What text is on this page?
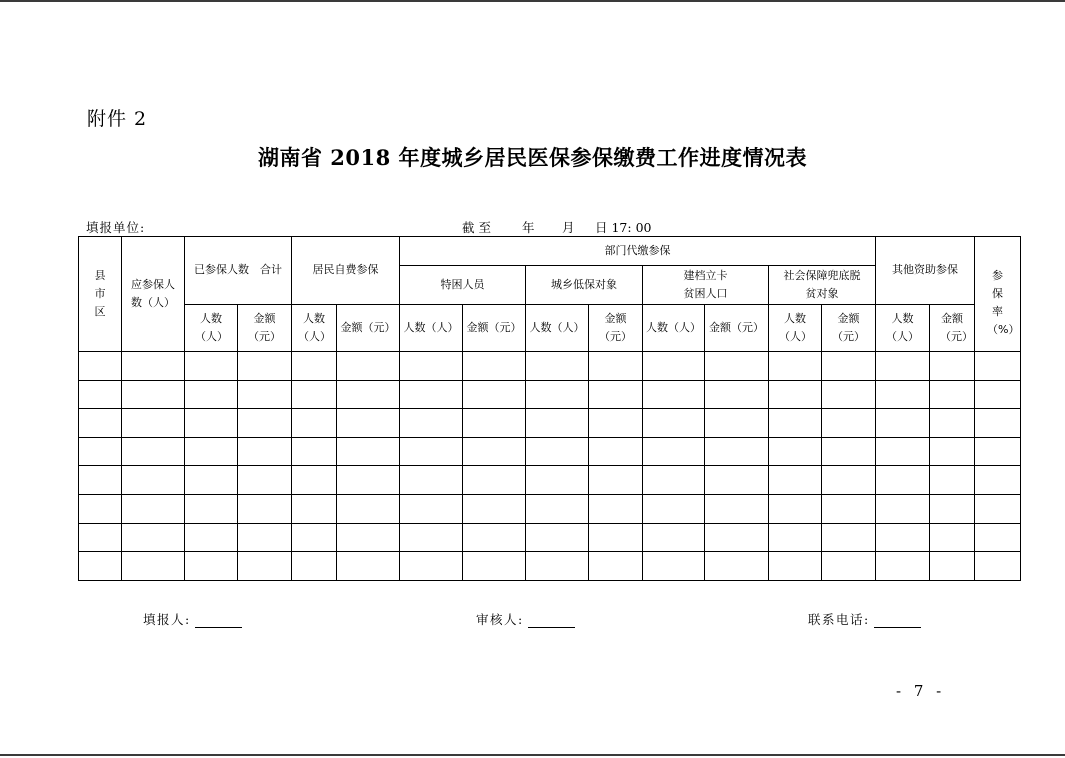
附件 2
湖南省 2018 年度城乡居民医保参保缴费工作进度情况表
填报单位:	截至 年 月 日 17: 00
县市区	应参保人数（人）	已参保人数　合计		居民自费参保		部门代缴参保								其他资助参保		参保率（%）
						特困人员		城乡低保对象		建档立卡贫困人口		社会保障兜底脱贫对象				
		人数（人）	金额（元）	人数（人）	金额（元）	人数（人）	金额（元）	人数（人）	金额（元）	人数（人）	金额（元）	人数（人）	金额（元）	人数（人）	金额（元）	

填报人:	审核人:	联系电话:
- 7 -
